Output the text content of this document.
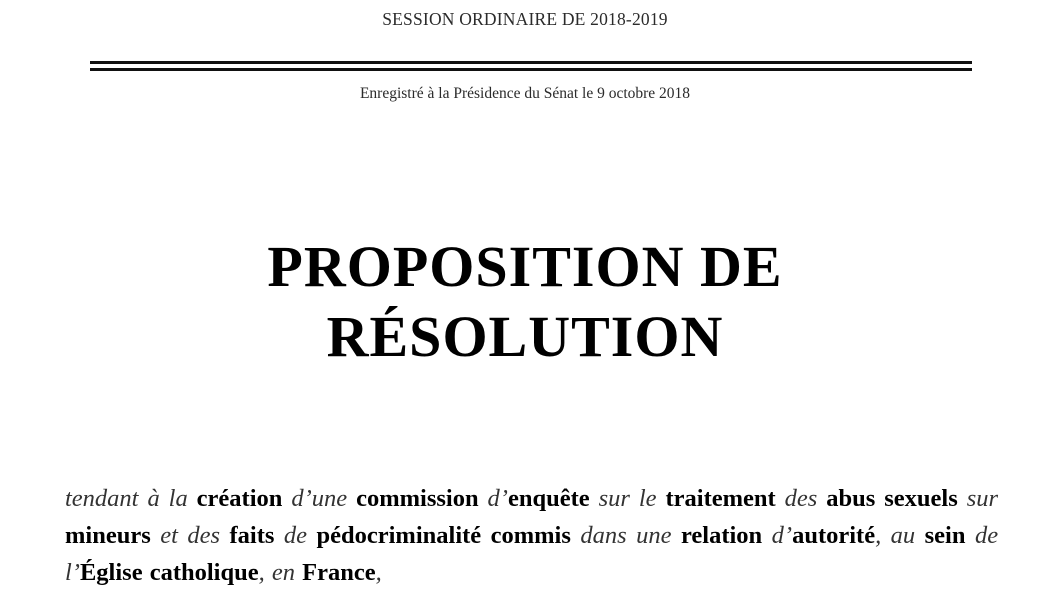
SESSION ORDINAIRE DE 2018-2019
Enregistré à la Présidence du Sénat le 9 octobre 2018
PROPOSITION DE
RÉSOLUTION

tendant à la création d’une commission d’enquête sur le traitement des abus sexuels sur mineurs et des faits de pédocriminalité commis dans une relation d’autorité, au sein de l’Église catholique, en France,
